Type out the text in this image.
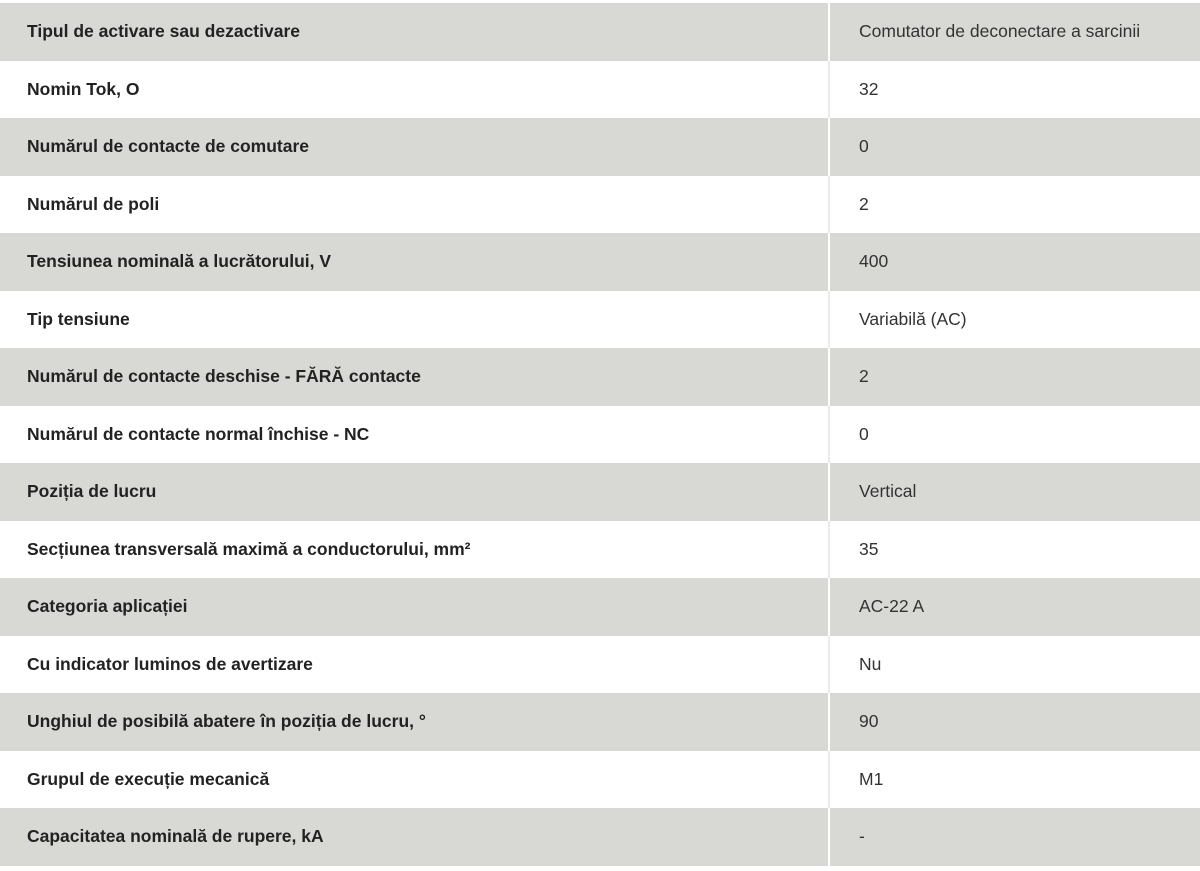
Tipul de activare sau dezactivare	Comutator de deconectare a sarcinii
Nomin Tok, O	32
Numărul de contacte de comutare	0
Numărul de poli	2
Tensiunea nominală a lucrătorului, V	400
Tip tensiune	Variabilă (AC)
Numărul de contacte deschise - FĂRĂ contacte	2
Numărul de contacte normal închise - NC	0
Poziția de lucru	Vertical
Secțiunea transversală maximă a conductorului, mm²	35
Categoria aplicației	AC-22 A
Cu indicator luminos de avertizare	Nu
Unghiul de posibilă abatere în poziția de lucru, °	90
Grupul de execuție mecanică	M1
Capacitatea nominală de rupere, kA	-
